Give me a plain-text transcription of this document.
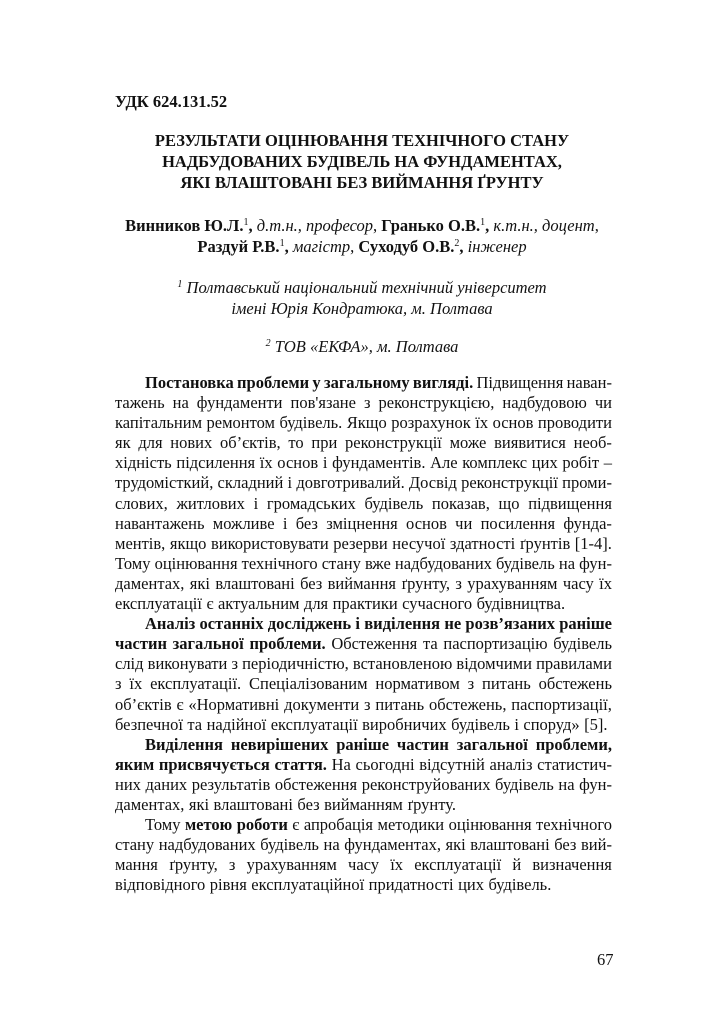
УДК 624.131.52
РЕЗУЛЬТАТИ ОЦІНЮВАННЯ ТЕХНІЧНОГО СТАНУ
НАДБУДОВАНИХ БУДІВЕЛЬ НА ФУНДАМЕНТАХ,
ЯКІ ВЛАШТОВАНІ БЕЗ ВИЙМАННЯ ҐРУНТУ
Винников Ю.Л.$^1$, д.т.н., професор, Гранько О.В.$^1$, к.т.н., доцент,
Раздуй Р.В.$^1$, магістр, Суходуб О.В.$^2$, інженер
$^1$ Полтавський національний технічний університет
імені Юрія Кондратюка, м. Полтава
$^2$ ТОВ «ЕКФА», м. Полтава
Постановка проблеми у загальному вигляді. Підвищення наван-
тажень на фундаменти пов'язане з реконструкцією, надбудовою чи
капітальним ремонтом будівель. Якщо розрахунок їх основ проводити
як для нових об’єктів, то при реконструкції може виявитися необ-
хідність підсилення їх основ і фундаментів. Але комплекс цих робіт –
трудомісткий, складний і довготривалий. Досвід реконструкції проми-
слових, житлових і громадських будівель показав, що підвищення
навантажень можливе і без зміцнення основ чи посилення фунда-
ментів, якщо використовувати резерви несучої здатності ґрунтів [1-4].
Тому оцінювання технічного стану вже надбудованих будівель на фун-
даментах, які влаштовані без виймання ґрунту, з урахуванням часу їх
експлуатації є актуальним для практики сучасного будівництва.
Аналіз останніх досліджень і виділення не розв’язаних раніше
частин загальної проблеми. Обстеження та паспортизацію будівель
слід виконувати з періодичністю, встановленою відомчими правилами
з їх експлуатації. Спеціалізованим нормативом з питань обстежень
об’єктів є «Нормативні документи з питань обстежень, паспортизації,
безпечної та надійної експлуатації виробничих будівель і споруд» [5].
Виділення невирішених раніше частин загальної проблеми,
яким присвячується стаття. На сьогодні відсутній аналіз статистич-
них даних результатів обстеження реконструйованих будівель на фун-
даментах, які влаштовані без вийманням ґрунту.
Тому метою роботи є апробація методики оцінювання технічного
стану надбудованих будівель на фундаментах, які влаштовані без вий-
мання ґрунту, з урахуванням часу їх експлуатації й визначення
відповідного рівня експлуатаційної придатності цих будівель.
67
